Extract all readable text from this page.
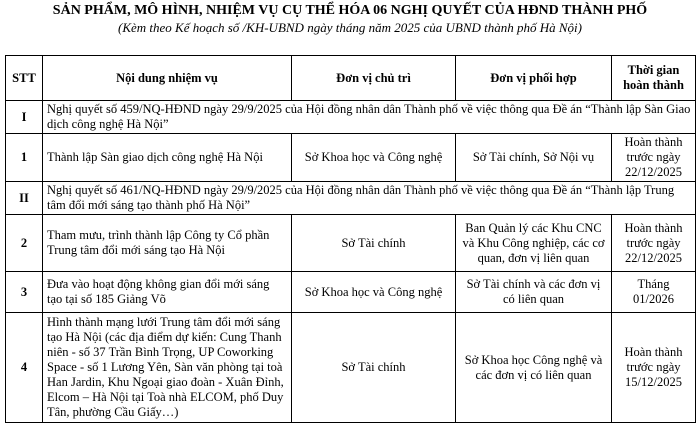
SẢN PHẨM, MÔ HÌNH, NHIỆM VỤ CỤ THỂ HÓA 06 NGHỊ QUYẾT CỦA HĐND THÀNH PHỐ
(Kèm theo Kế hoạch số /KH-UBND ngày tháng năm 2025 của UBND thành phố Hà Nội)
STT	Nội dung nhiệm vụ	Đơn vị chủ trì	Đơn vị phối hợp	Thời gian hoàn thành
I	Nghị quyết số 459/NQ-HĐND ngày 29/9/2025 của Hội đồng nhân dân Thành phố về việc thông qua Đề án “Thành lập Sàn Giao dịch công nghệ Hà Nội”			
1	Thành lập Sàn giao dịch công nghệ Hà Nội	Sở Khoa học và Công nghệ	Sở Tài chính, Sở Nội vụ	Hoàn thành trước ngày 22/12/2025
II	Nghị quyết số 461/NQ-HĐND ngày 29/9/2025 của Hội đồng nhân dân Thành phố về việc thông qua Đề án “Thành lập Trung tâm đổi mới sáng tạo thành phố Hà Nội”			
2	Tham mưu, trình thành lập Công ty Cổ phần Trung tâm đổi mới sáng tạo Hà Nội	Sở Tài chính	Ban Quản lý các Khu CNC và Khu Công nghiệp, các cơ quan, đơn vị liên quan	Hoàn thành trước ngày 22/12/2025
3	Đưa vào hoạt động không gian đổi mới sáng tạo tại số 185 Giảng Võ	Sở Khoa học và Công nghệ	Sở Tài chính và các đơn vị có liên quan	Tháng 01/2026
4	Hình thành mạng lưới Trung tâm đổi mới sáng tạo Hà Nội (các địa điểm dự kiến: Cung Thanh niên - số 37 Trần Bình Trọng, UP Coworking Space - số 1 Lương Yên, Sàn văn phòng tại toà Han Jardin, Khu Ngoại giao đoàn - Xuân Đỉnh, Elcom – Hà Nội tại Toà nhà ELCOM, phố Duy Tân, phường Cầu Giấy…)	Sở Tài chính	Sở Khoa học Công nghệ và các đơn vị có liên quan	Hoàn thành trước ngày 15/12/2025
